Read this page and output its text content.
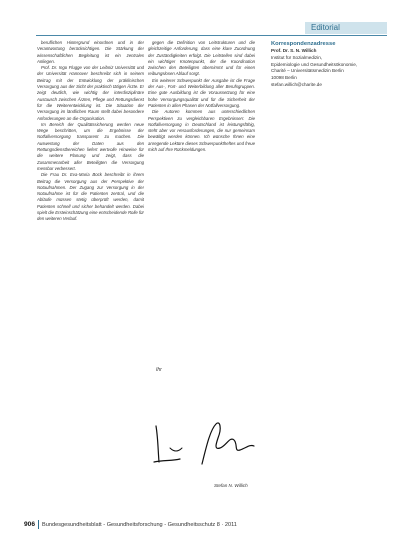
Editorial

beruflichen Hintergrund einordnen und in der Verantwortung berücksichtigen. Die Stärkung der wissenschaftlichen Begleitung ist ein zentrales Anliegen.

Prof. Dr. Ingo Flugge von der Leibniz Universität und der Universität Hannover beschreibt sich in seinem Beitrag mit der Entwicklung der präklinischen Versorgung aus der Sicht der praktisch tätigen Ärzte. Er zeigt deutlich, wie wichtig der interdisziplinäre Austausch zwischen Ärzten, Pflege und Rettungsdienst für die Weiterentwicklung ist. Die Situation der Versorgung im ländlichen Raum stellt dabei besondere Anforderungen an die Organisation.

Im Bereich der Qualitätssicherung werden neue Wege beschritten, um die Ergebnisse der Notfallversorgung transparent zu machen. Die Auswertung der Daten aus den Rettungsdienstbereichen liefert wertvolle Hinweise für die weitere Planung und zeigt, dass die Zusammenarbeit aller Beteiligten die Versorgung messbar verbessert.

Die Frau Dr. Eva-Maria Bock beschreibt in ihrem Beitrag die Versorgung aus der Perspektive der Notaufnahmen. Der Zugang zur Versorgung in der Notaufnahme ist für die Patienten zentral, und die Abläufe müssen stetig überprüft werden, damit Patienten schnell und sicher behandelt werden. Dabei spielt die Ersteinschätzung eine entscheidende Rolle für den weiteren Verlauf.

gegen die Definition von Leitstrukturen und die gleichzeitige Anforderung, dass eine klare Zuordnung der Zuständigkeiten erfolgt. Die Leitstellen sind dabei ein wichtiger Knotenpunkt, der die Koordination zwischen den Beteiligten übernimmt und für einen reibungslosen Ablauf sorgt.

Ein weiterer Schwerpunkt der Ausgabe ist die Frage der Aus-, Fort- und Weiterbildung aller Berufsgruppen. Eine gute Ausbildung ist die Voraussetzung für eine hohe Versorgungsqualität und für die Sicherheit der Patienten in allen Phasen der Notfallversorgung.

Die Autoren kommen aus unterschiedlichen Perspektiven zu vergleichbaren Ergebnissen: Die Notfallversorgung in Deutschland ist leistungsfähig, steht aber vor Herausforderungen, die nur gemeinsam bewältigt werden können. Ich wünsche Ihnen eine anregende Lektüre dieses Schwerpunktheftes und freue mich auf Ihre Rückmeldungen.

Korrespondenzadresse
Prof. Dr. S. N. Willich
Institut für Sozialmedizin,
Epidemiologie und Gesundheitsökonomie,
Charité – Universitätsmedizin Berlin
10098 Berlin
stefan.willich@charite.de
Ihr
Stefan N. Willich
906 Bundesgesundheitsblatt - Gesundheitsforschung - Gesundheitsschutz 8 · 2011
